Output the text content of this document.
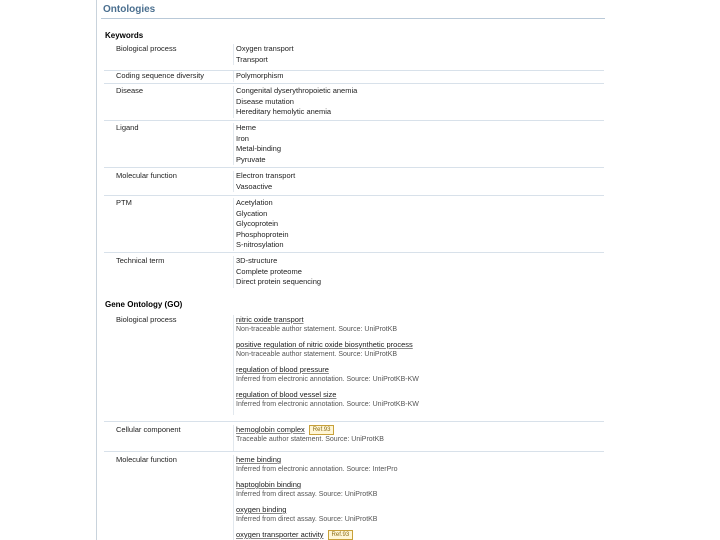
Ontologies
Keywords
Biological process	Oxygen transport
Transport
Coding sequence diversity	Polymorphism
Disease	Congenital dyserythropoietic anemia
Disease mutation
Hereditary hemolytic anemia
Ligand	Heme
Iron
Metal-binding
Pyruvate
Molecular function	Electron transport
Vasoactive
PTM	Acetylation
Glycation
Glycoprotein
Phosphoprotein
S-nitrosylation
Technical term	3D-structure
Complete proteome
Direct protein sequencing
Gene Ontology (GO)
Biological process	nitric oxide transport
Non-traceable author statement. Source: UniProtKB
positive regulation of nitric oxide biosynthetic process
Non-traceable author statement. Source: UniProtKB
regulation of blood pressure
Inferred from electronic annotation. Source: UniProtKB-KW
regulation of blood vessel size
Inferred from electronic annotation. Source: UniProtKB-KW
Cellular component	hemoglobin complex Ref.93
Traceable author statement. Source: UniProtKB
Molecular function	heme binding
Inferred from electronic annotation. Source: InterPro
haptoglobin binding
Inferred from direct assay. Source: UniProtKB
oxygen binding
Inferred from direct assay. Source: UniProtKB
oxygen transporter activity Ref.93
